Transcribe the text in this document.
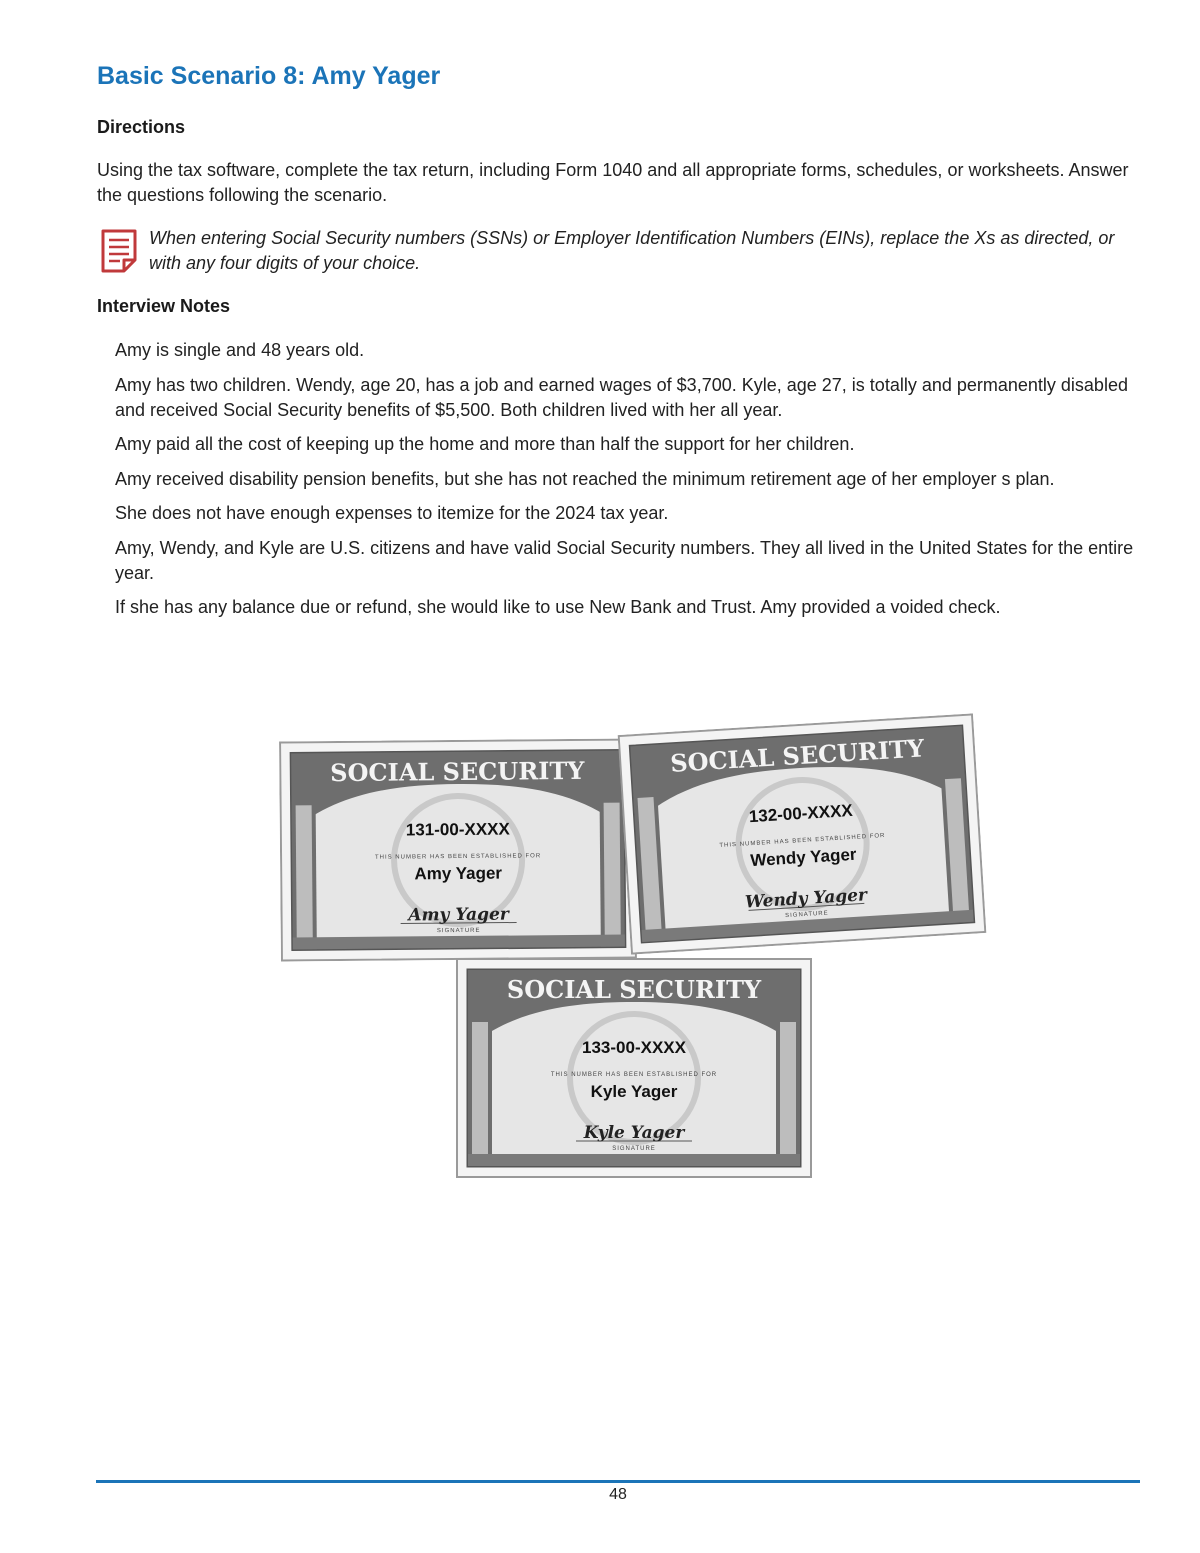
Basic Scenario 8: Amy Yager
Directions

Using the tax software, complete the tax return, including Form 1040 and all appropriate forms, schedules, or worksheets. Answer the questions following the scenario.

When entering Social Security numbers (SSNs) or Employer Identification Numbers (EINs), replace the Xs as directed, or with any four digits of your choice.

Interview Notes
Amy is single and 48 years old.
Amy has two children. Wendy, age 20, has a job and earned wages of $3,700. Kyle, age 27, is totally and permanently disabled and received Social Security benefits of $5,500. Both children lived with her all year.
Amy paid all the cost of keeping up the home and more than half the support for her children.
Amy received disability pension benefits, but she has not reached the minimum retirement age of her employer s plan.
She does not have enough expenses to itemize for the 2024 tax year.
Amy, Wendy, and Kyle are U.S. citizens and have valid Social Security numbers. They all lived in the United States for the entire year.
If she has any balance due or refund, she would like to use New Bank and Trust. Amy provided a voided check.
SOCIAL SECURITY
131-00-XXXX
THIS NUMBER HAS BEEN ESTABLISHED FOR
Amy Yager
Amy Yager
SIGNATURE
SOCIAL SECURITY
132-00-XXXX
THIS NUMBER HAS BEEN ESTABLISHED FOR
Wendy Yager
Wendy Yager
SIGNATURE
SOCIAL SECURITY
133-00-XXXX
THIS NUMBER HAS BEEN ESTABLISHED FOR
Kyle Yager
Kyle Yager
SIGNATURE
48
